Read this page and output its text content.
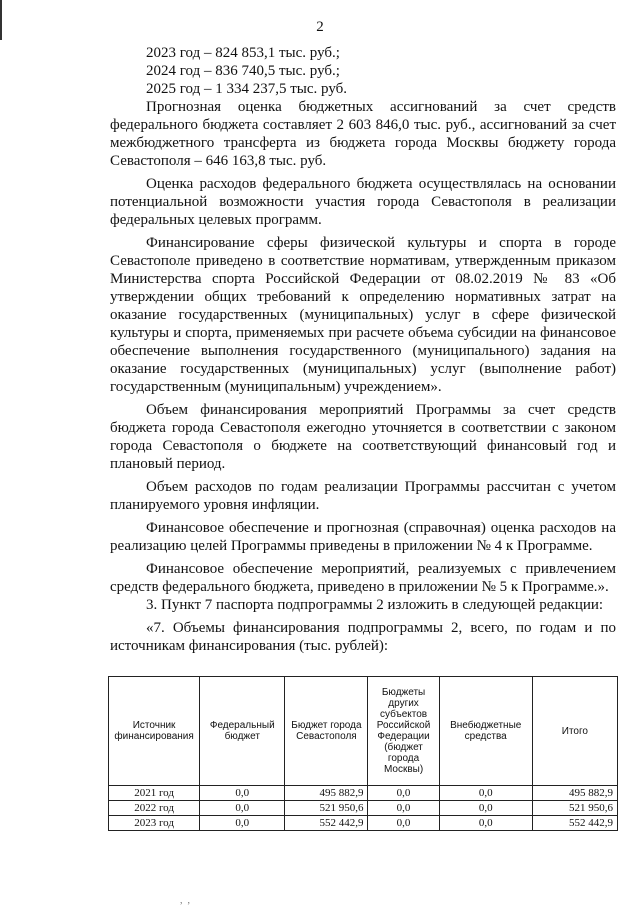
2
2023 год – 824 853,1 тыс. руб.;
2024 год – 836 740,5 тыс. руб.;
2025 год – 1 334 237,5 тыс. руб.

Прогнозная оценка бюджетных ассигнований за счет средств федерального бюджета составляет 2 603 846,0 тыс. руб., ассигнований за счет межбюджетного трансферта из бюджета города Москвы бюджету города Севастополя – 646 163,8 тыс. руб.

Оценка расходов федерального бюджета осуществлялась на основании потенциальной возможности участия города Севастополя в реализации федеральных целевых программ.

Финансирование сферы физической культуры и спорта в городе Севастополе приведено в соответствие нормативам, утвержденным приказом Министерства спорта Российской Федерации от 08.02.2019 № 83 «Об утверждении общих требований к определению нормативных затрат на оказание государственных (муниципальных) услуг в сфере физической культуры и спорта, применяемых при расчете объема субсидии на финансовое обеспечение выполнения государственного (муниципального) задания на оказание государственных (муниципальных) услуг (выполнение работ) государственным (муниципальным) учреждением».

Объем финансирования мероприятий Программы за счет средств бюджета города Севастополя ежегодно уточняется в соответствии с законом города Севастополя о бюджете на соответствующий финансовый год и плановый период.

Объем расходов по годам реализации Программы рассчитан с учетом планируемого уровня инфляции.

Финансовое обеспечение и прогнозная (справочная) оценка расходов на реализацию целей Программы приведены в приложении № 4 к Программе.

Финансовое обеспечение мероприятий, реализуемых с привлечением средств федерального бюджета, приведено в приложении № 5 к Программе.».

3. Пункт 7 паспорта подпрограммы 2 изложить в следующей редакции:

«7. Объемы финансирования подпрограммы 2, всего, по годам и по источникам финансирования (тыс. рублей):

Источник финансирования	Федеральный бюджет	Бюджет города Севастополя	Бюджеты других субъектов Российской Федерации (бюджет города Москвы)	Внебюджетные средства	Итого
2021 год	0,0	495 882,9	0,0	0,0	495 882,9
2022 год	0,0	521 950,6	0,0	0,0	521 950,6
2023 год	0,0	552 442,9	0,0	0,0	552 442,9
,  ,
